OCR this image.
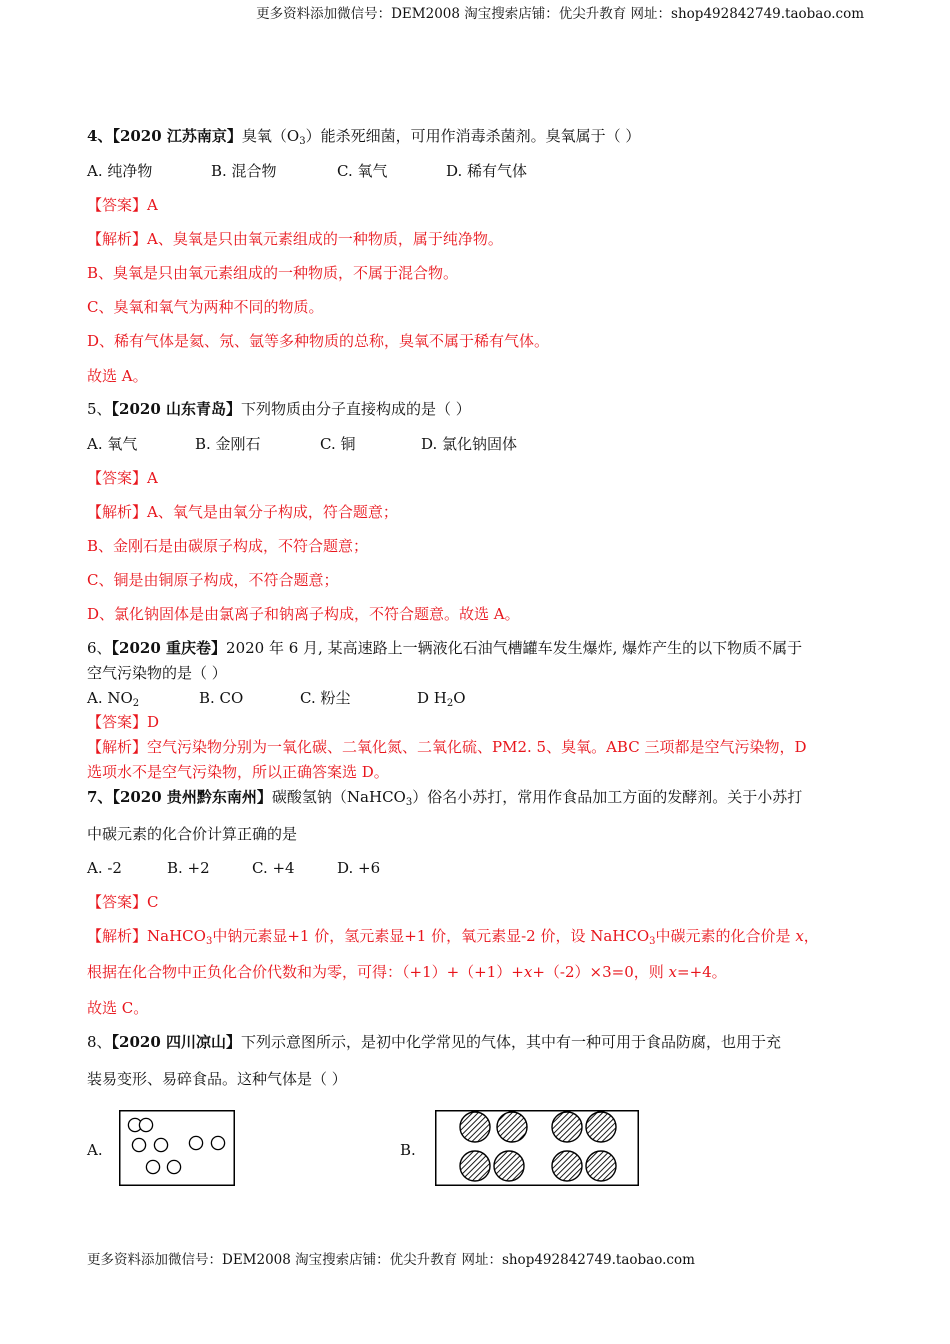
更多资料添加微信号：DEM2008 淘宝搜索店铺：优尖升教育 网址：shop492842749.taobao.com
4、【2020 江苏南京】臭氧$(O_3)$能杀死细菌，可用作消毒杀菌剂。臭氧属于（ ）
A. 纯净物	B. 混合物	C. 氧气	D. 稀有气体
【答案】A
【解析】A、臭氧是只由氧元素组成的一种物质，属于纯净物。
B、臭氧是只由氧元素组成的一种物质，不属于混合物。
C、臭氧和氧气为两种不同的物质。
D、稀有气体是氦、氖、氩等多种物质的总称，臭氧不属于稀有气体。
故选 A。
5、【2020 山东青岛】下列物质由分子直接构成的是（ ）
A. 氧气	B. 金刚石	C. 铜	D. 氯化钠固体
【答案】A
【解析】A、氧气是由氧分子构成，符合题意；
B、金刚石是由碳原子构成，不符合题意；
C、铜是由铜原子构成，不符合题意；
D、氯化钠固体是由氯离子和钠离子构成，不符合题意。故选 A。
6、【2020 重庆卷】2020 年 6 月, 某高速路上一辆液化石油气槽罐车发生爆炸, 爆炸产生的以下物质不属于
空气污染物的是（ ）
A. $NO_2$	B. CO	C. 粉尘	D $H_2O$
【答案】D
【解析】空气污染物分别为一氧化碳、二氧化氮、二氧化硫、PM2. 5、臭氧。ABC 三项都是空气污染物，D
选项水不是空气污染物，所以正确答案选 D。
7、【2020 贵州黔东南州】碳酸氢钠（NaHCO$_3$）俗名小苏打，常用作食品加工方面的发酵剂。关于小苏打
中碳元素的化合价计算正确的是
A. -2	B. +2	C. +4	D. +6
【答案】C
【解析】NaHCO$_3$中钠元素显+1 价，氢元素显+1 价，氧元素显-2 价，设 NaHCO$_3$中碳元素的化合价是 x，
根据在化合物中正负化合价代数和为零，可得：（+1）+（+1）+x+（-2）×3=0，则 x=+4。
故选 C。
8、【2020 四川凉山】下列示意图所示，是初中化学常见的气体，其中有一种可用于食品防腐，也用于充
装易变形、易碎食品。这种气体是（ ）
A.	B.
更多资料添加微信号：DEM2008 淘宝搜索店铺：优尖升教育 网址：shop492842749.taobao.com
